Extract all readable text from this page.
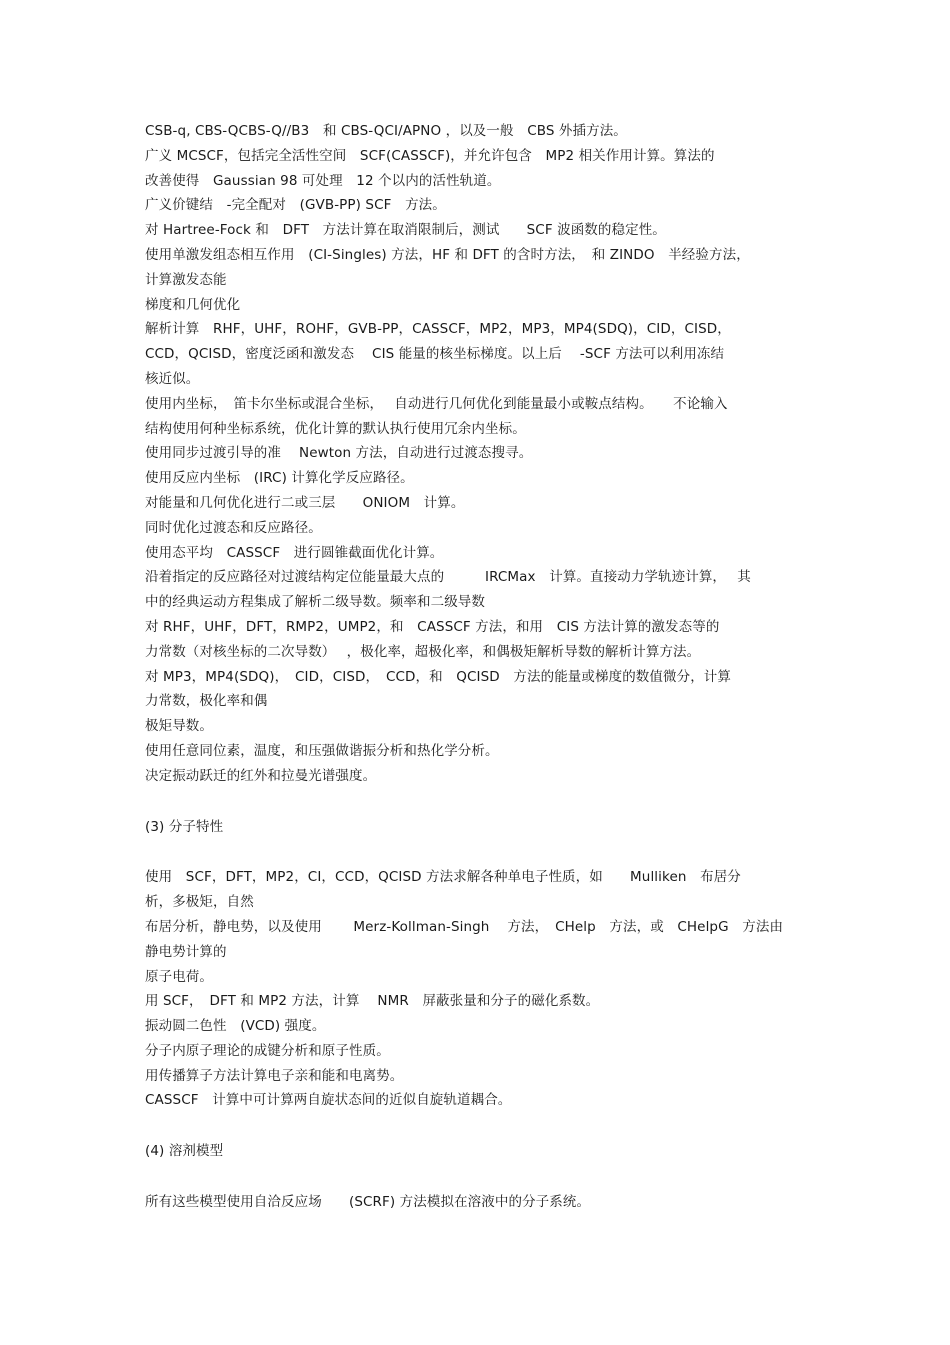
CSB-q, CBS-QCBS-Q//B3　和 CBS-QCI/APNO ，以及一般　CBS 外插方法。
广义 MCSCF，包括完全活性空间　SCF(CASSCF)，并允许包含　MP2 相关作用计算。算法的
改善使得　Gaussian 98 可处理　12 个以内的活性轨道。
广义价键结　-完全配对　(GVB-PP) SCF　方法。
对 Hartree-Fock 和　DFT　方法计算在取消限制后，测试　　SCF 波函数的稳定性。
使用单激发组态相互作用　(CI-Singles) 方法，HF 和 DFT 的含时方法，　和 ZINDO　半经验方法，
计算激发态能
梯度和几何优化
解析计算　RHF，UHF，ROHF，GVB-PP，CASSCF，MP2，MP3，MP4(SDQ)，CID，CISD，
CCD，QCISD，密度泛函和激发态　 CIS 能量的核坐标梯度。以上后　 -SCF 方法可以利用冻结
核近似。
使用内坐标，　笛卡尔坐标或混合坐标，　 自动进行几何优化到能量最小或鞍点结构。　　不论输入
结构使用何种坐标系统，优化计算的默认执行使用冗余内坐标。
使用同步过渡引导的准　 Newton 方法，自动进行过渡态搜寻。
使用反应内坐标　(IRC) 计算化学反应路径。
对能量和几何优化进行二或三层　　ONIOM　计算。
同时优化过渡态和反应路径。
使用态平均　CASSCF　进行圆锥截面优化计算。
沿着指定的反应路径对过渡结构定位能量最大点的　　　IRCMax　计算。直接动力学轨迹计算，　 其
中的经典运动方程集成了解析二级导数。频率和二级导数
对 RHF，UHF，DFT，RMP2，UMP2，和　CASSCF 方法，和用　CIS 方法计算的激发态等的
力常数（对核坐标的二次导数）　 ，极化率，超极化率，和偶极矩解析导数的解析计算方法。
对 MP3，MP4(SDQ)，　CID，CISD，　CCD，和　QCISD　方法的能量或梯度的数值微分，计算
力常数，极化率和偶
极矩导数。
使用任意同位素，温度，和压强做谐振分析和热化学分析。
决定振动跃迁的红外和拉曼光谱强度。
(3) 分子特性
使用　SCF，DFT，MP2，CI，CCD，QCISD 方法求解各种单电子性质，如　　Mulliken　布居分
析，多极矩，自然
布居分析，静电势，以及使用　　 Merz-Kollman-Singh　 方法，　CHelp　方法，或　CHelpG　方法由
静电势计算的
原子电荷。
用 SCF，　DFT 和 MP2 方法，计算　 NMR　屏蔽张量和分子的磁化系数。
振动圆二色性　(VCD) 强度。
分子内原子理论的成键分析和原子性质。
用传播算子方法计算电子亲和能和电离势。
CASSCF　计算中可计算两自旋状态间的近似自旋轨道耦合。
(4) 溶剂模型
所有这些模型使用自洽反应场　　(SCRF) 方法模拟在溶液中的分子系统。
